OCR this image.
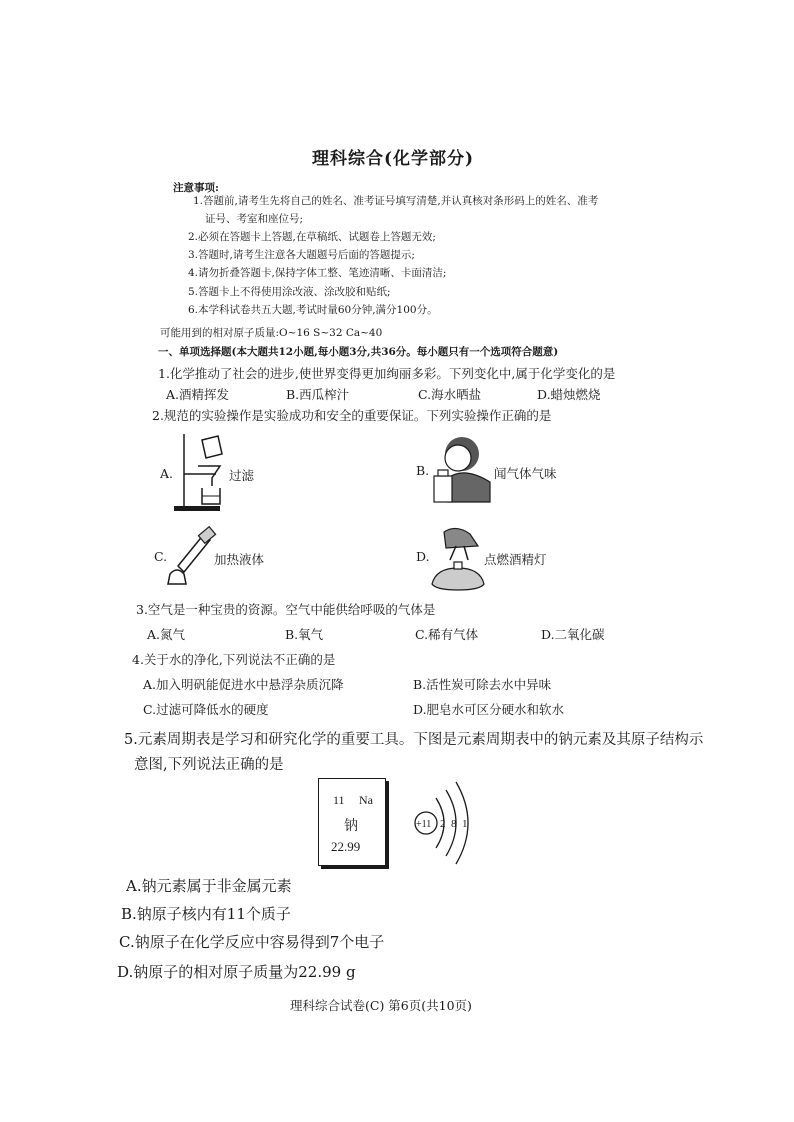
理科综合(化学部分)
注意事项:
1.答题前,请考生先将自己的姓名、准考证号填写清楚,并认真核对条形码上的姓名、准考
证号、考室和座位号;
2.必须在答题卡上答题,在草稿纸、试题卷上答题无效;
3.答题时,请考生注意各大题题号后面的答题提示;
4.请勿折叠答题卡,保持字体工整、笔迹清晰、卡面清洁;
5.答题卡上不得使用涂改液、涂改胶和贴纸;
6.本学科试卷共五大题,考试时量60分钟,满分100分。
可能用到的相对原子质量:O~16 S~32 Ca~40
一、单项选择题(本大题共12小题,每小题3分,共36分。每小题只有一个选项符合题意)
1.化学推动了社会的进步,使世界变得更加绚丽多彩。下列变化中,属于化学变化的是
A.酒精挥发	B.西瓜榨汁	C.海水晒盐	D.蜡烛燃烧
2.规范的实验操作是实验成功和安全的重要保证。下列实验操作正确的是
A.	过滤	B.	闻气体气味
C.	加热液体	D.	点燃酒精灯
3.空气是一种宝贵的资源。空气中能供给呼吸的气体是
A.氮气	B.氧气	C.稀有气体	D.二氧化碳
4.关于水的净化,下列说法不正确的是
A.加入明矾能促进水中悬浮杂质沉降	B.活性炭可除去水中异味
C.过滤可降低水的硬度	D.肥皂水可区分硬水和软水
5.元素周期表是学习和研究化学的重要工具。下图是元素周期表中的钠元素及其原子结构示
意图,下列说法正确的是
11 Na
钠
22.99
+11 2 8 1
A.钠元素属于非金属元素
B.钠原子核内有11个质子
C.钠原子在化学反应中容易得到7个电子
D.钠原子的相对原子质量为22.99 g
理科综合试卷(C) 第6页(共10页)
